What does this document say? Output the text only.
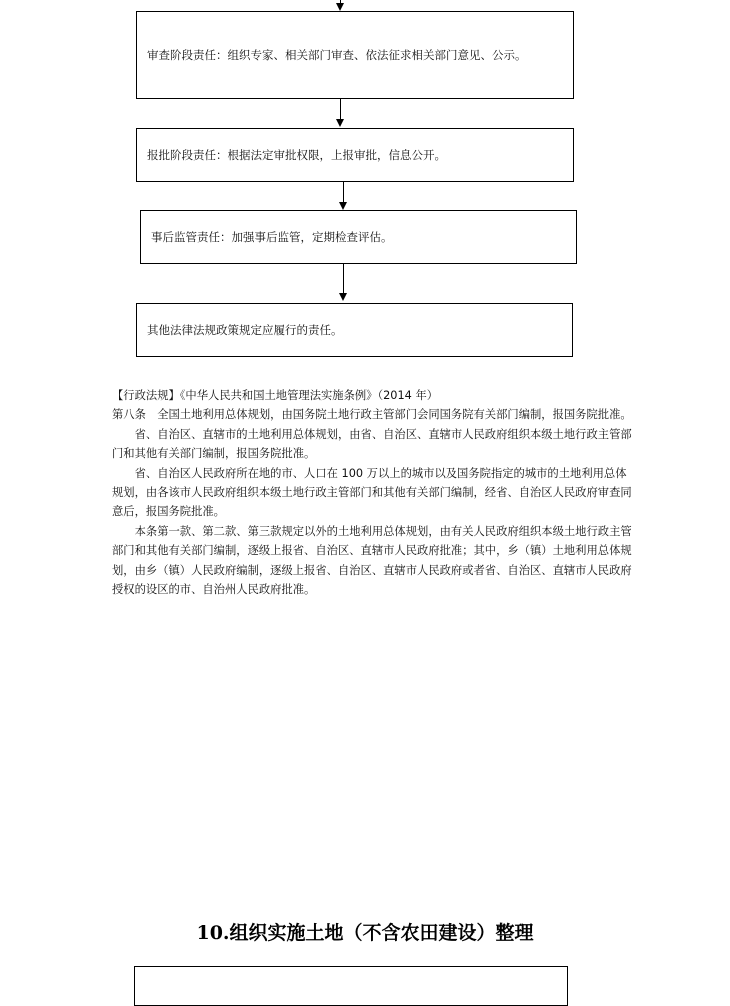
审查阶段责任：组织专家、相关部门审查、依法征求相关部门意见、公示。
报批阶段责任：根据法定审批权限，上报审批，信息公开。
事后监管责任：加强事后监管，定期检查评估。
其他法律法规政策规定应履行的责任。

【行政法规】《中华人民共和国土地管理法实施条例》（2014 年）

第八条　全国土地利用总体规划，由国务院土地行政主管部门会同国务院有关部门编制，报国务院批准。

省、自治区、直辖市的土地利用总体规划，由省、自治区、直辖市人民政府组织本级土地行政主管部门和其他有关部门编制，报国务院批准。

省、自治区人民政府所在地的市、人口在 100 万以上的城市以及国务院指定的城市的土地利用总体规划，由各该市人民政府组织本级土地行政主管部门和其他有关部门编制，经省、自治区人民政府审查同意后，报国务院批准。

本条第一款、第二款、第三款规定以外的土地利用总体规划，由有关人民政府组织本级土地行政主管部门和其他有关部门编制，逐级上报省、自治区、直辖市人民政府批准；其中，乡（镇）土地利用总体规划，由乡（镇）人民政府编制，逐级上报省、自治区、直辖市人民政府或者省、自治区、直辖市人民政府授权的设区的市、自治州人民政府批准。

10.组织实施土地（不含农田建设）整理
